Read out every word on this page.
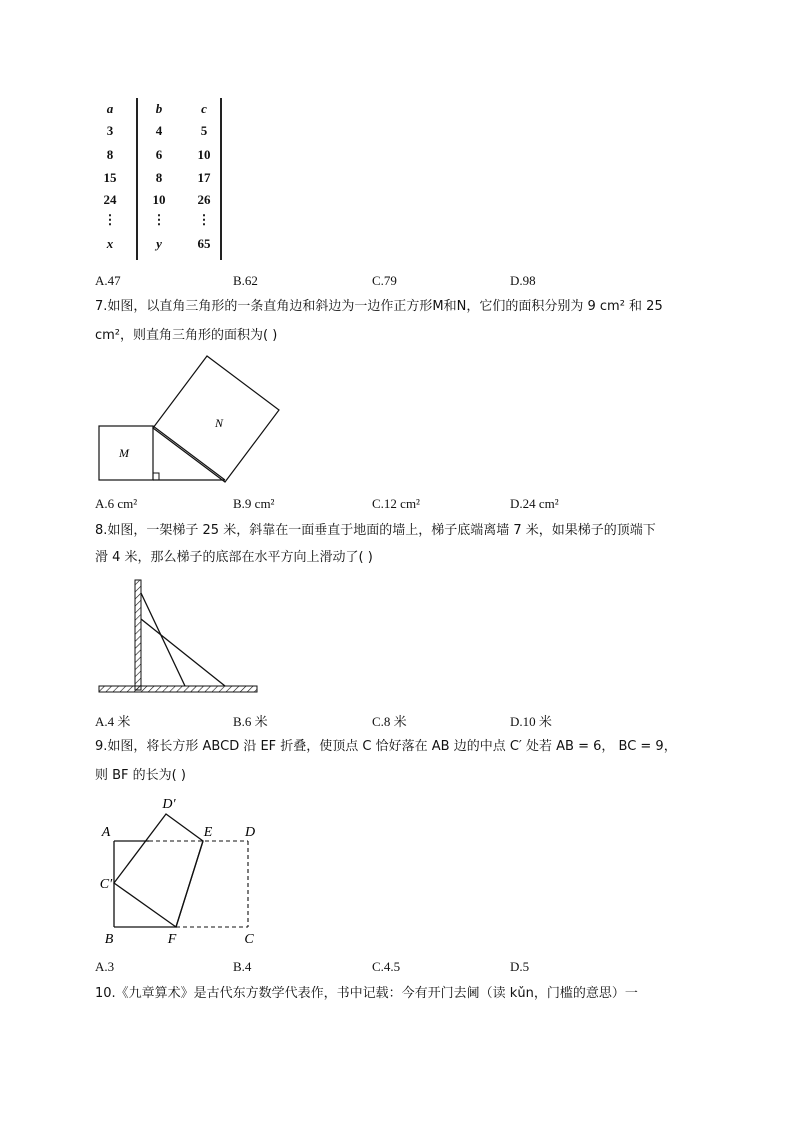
a	b	c
3	4	5
8	6	10
15	8	17
24	10	26
⋮	⋮	⋮
x	y	65
A.47	B.62	C.79	D.98
7.如图，以直角三角形的一条直角边和斜边为一边作正方形M和N，它们的面积分别为 9 cm² 和 25
cm²，则直角三角形的面积为( )
M
N
A.6 cm²	B.9 cm²	C.12 cm²	D.24 cm²
8.如图，一架梯子 25 米，斜靠在一面垂直于地面的墙上，梯子底端离墙 7 米，如果梯子的顶端下
滑 4 米，那么梯子的底部在水平方向上滑动了( )
A.4 米	B.6 米	C.8 米	D.10 米
9.如图，将长方形 ABCD 沿 EF 折叠，使顶点 C 恰好落在 AB 边的中点 C′ 处若 AB = 6， BC = 9，
则 BF 的长为( )
A
B	C
D
E
F
C′
D′
A.3	B.4	C.4.5	D.5
10.《九章算术》是古代东方数学代表作，书中记载：今有开门去阃（读 kǔn，门槛的意思）一
